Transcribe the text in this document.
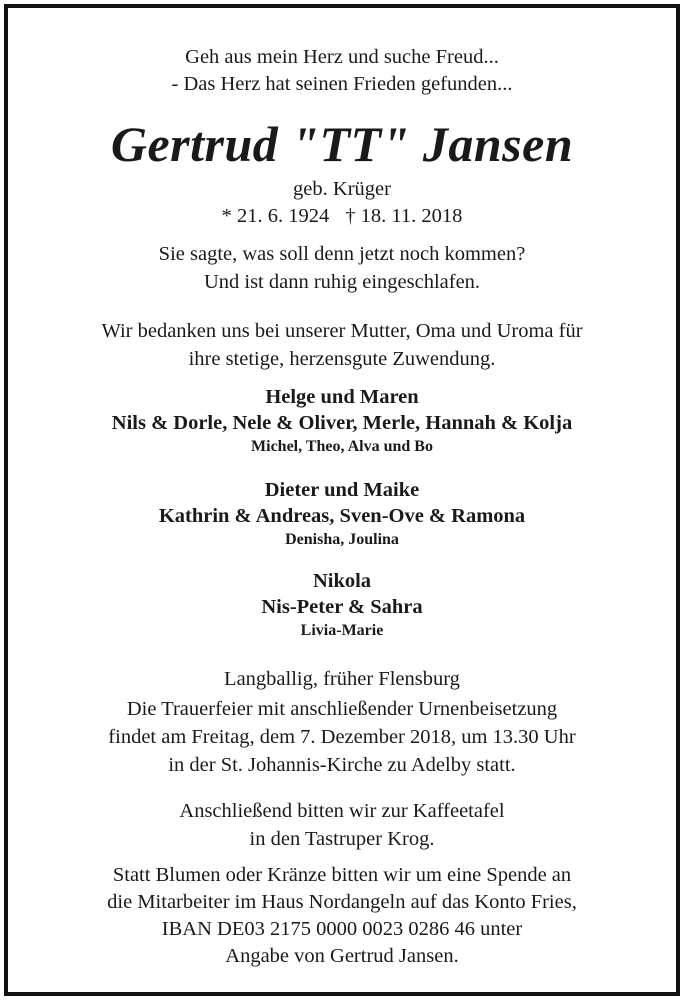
Geh aus mein Herz und suche Freud...
- Das Herz hat seinen Frieden gefunden...
Gertrud "TT" Jansen
geb. Krüger
* 21. 6. 1924 † 18. 11. 2018
Sie sagte, was soll denn jetzt noch kommen?
Und ist dann ruhig eingeschlafen.
Wir bedanken uns bei unserer Mutter, Oma und Uroma für
ihre stetige, herzensgute Zuwendung.
Helge und Maren
Nils & Dorle, Nele & Oliver, Merle, Hannah & Kolja
Michel, Theo, Alva und Bo
Dieter und Maike
Kathrin & Andreas, Sven-Ove & Ramona
Denisha, Joulina
Nikola
Nis-Peter & Sahra
Livia-Marie
Langballig, früher Flensburg
Die Trauerfeier mit anschließender Urnenbeisetzung
findet am Freitag, dem 7. Dezember 2018, um 13.30 Uhr
in der St. Johannis-Kirche zu Adelby statt.
Anschließend bitten wir zur Kaffeetafel
in den Tastruper Krog.
Statt Blumen oder Kränze bitten wir um eine Spende an
die Mitarbeiter im Haus Nordangeln auf das Konto Fries,
IBAN DE03 2175 0000 0023 0286 46 unter
Angabe von Gertrud Jansen.
